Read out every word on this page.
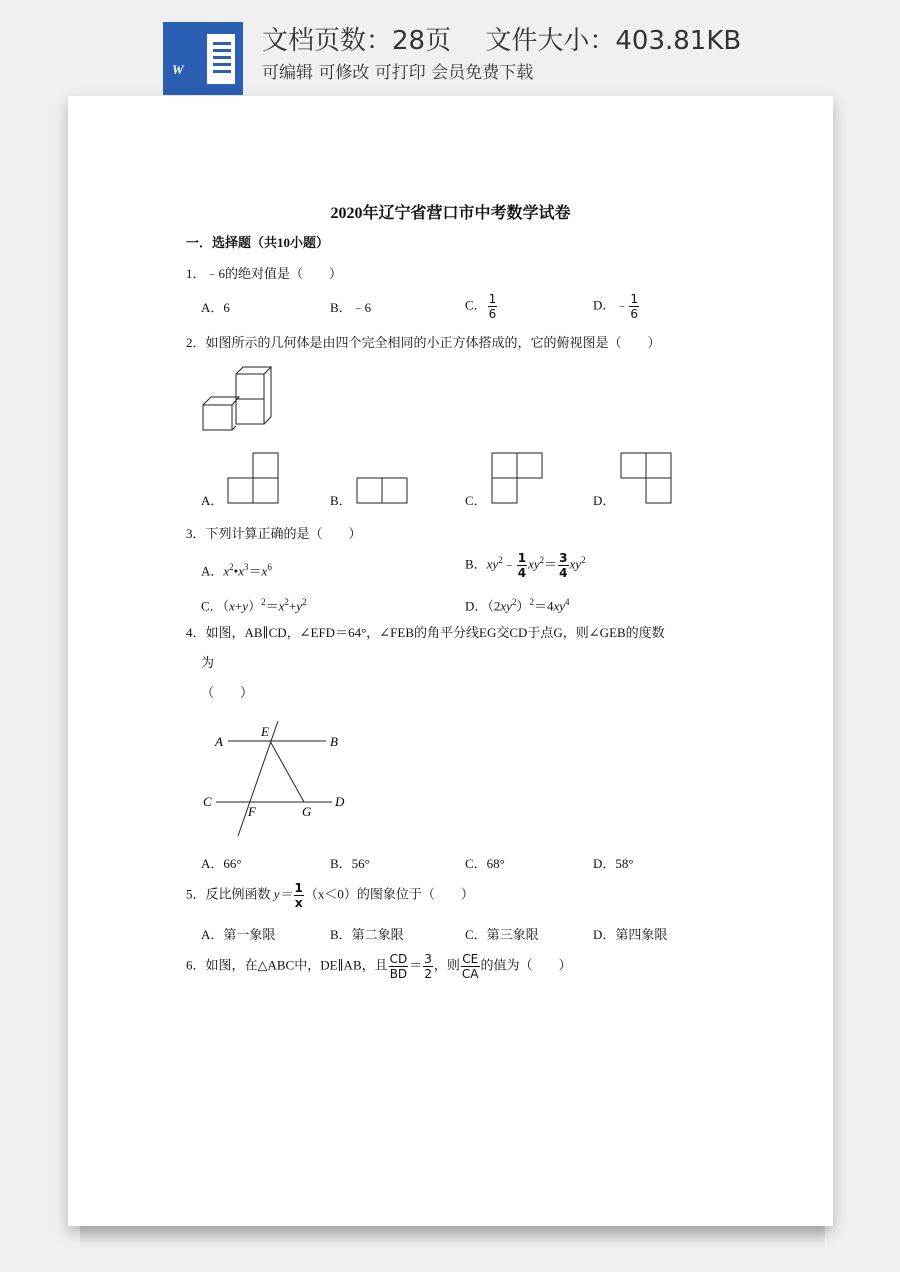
W
文档页数：28页　 文件大小：403.81KB
可编辑 可修改 可打印 会员免费下载
2020年辽宁省营口市中考数学试卷
一．选择题（共10小题）
1．﹣6的绝对值是（　　）
A．6	B．﹣6	C． $\frac{1}{6}$	D．﹣ $\frac{1}{6}$
2．如图所示的几何体是由四个完全相同的小正方体搭成的，它的俯视图是（　　）
A．	B．	C．	D．
3．下列计算正确的是（　　）
A．$x^2•x^3=x^6$	B．$xy^2﹣ \frac{1}{4} xy^2= \frac{3}{4} xy^2$
C．$(x+y)^2=x^2+y^2$	D．$(2xy^2)^2=4xy^4$
4．如图，AB∥CD，∠EFD＝64°，∠FEB的角平分线EG交CD于点G，则∠GEB的度数
为
（　　）
A
E
B
C
F	G
D
A．66°	B．56°	C．68°	D．58°
5．反比例函数 $y= \frac{1}{x} (x<0)$的图象位于（　　）
A．第一象限	B．第二象限	C．第三象限	D．第四象限
6．如图，在△ABC中，DE∥AB，且 $\frac{CD}{BD} = \frac{3}{2}$ ，则 $\frac{CE}{CA}$ 的值为（　　）
